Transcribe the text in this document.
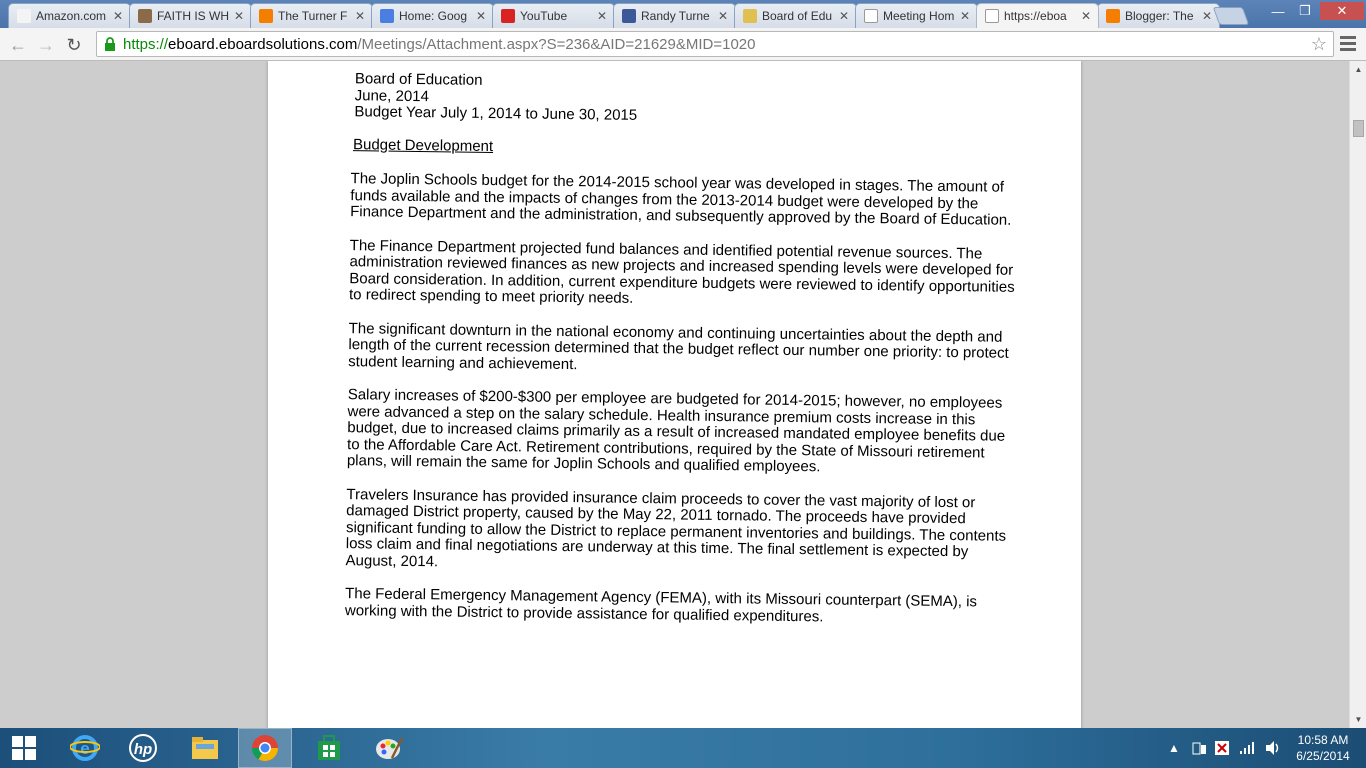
Amazon.com ✕	FAITH IS WH ✕	The Turner F ✕	Home: Goog ✕	YouTube	✕	Randy Turne ✕	Board of Edu ✕	Meeting Hom ✕	https://eboa	✕	Blogger: The ✕	—	❐	✕
← → ↻	https:// eboard.eboardsolutions.com /Meetings/Attachment.aspx?S=236&AID=21629&MID=1020	☆
Board of Education
June, 2014
Budget Year July 1, 2014 to June 30, 2015
Budget Development

The Joplin Schools budget for the 2014-2015 school year was developed in stages. The amount of funds available and the impacts of changes from the 2013-2014 budget were developed by the Finance Department and the administration, and subsequently approved by the Board of Education.

The Finance Department projected fund balances and identified potential revenue sources. The administration reviewed finances as new projects and increased spending levels were developed for Board consideration. In addition, current expenditure budgets were reviewed to identify opportunities to redirect spending to meet priority needs.

The significant downturn in the national economy and continuing uncertainties about the depth and length of the current recession determined that the budget reflect our number one priority: to protect student learning and achievement.

Salary increases of $200-$300 per employee are budgeted for 2014-2015; however, no employees were advanced a step on the salary schedule. Health insurance premium costs increase in this budget, due to increased claims primarily as a result of increased mandated employee benefits due to the Affordable Care Act. Retirement contributions, required by the State of Missouri retirement plans, will remain the same for Joplin Schools and qualified employees.

Travelers Insurance has provided insurance claim proceeds to cover the vast majority of lost or damaged District property, caused by the May 22, 2011 tornado. The proceeds have provided significant funding to allow the District to replace permanent inventories and buildings. The contents loss claim and final negotiations are underway at this time. The final settlement is expected by August, 2014.

The Federal Emergency Management Agency (FEMA), with its Missouri counterpart (SEMA), is working with the District to provide assistance for qualified expenditures.

▲
▼
e	hp	▲
10:58 AM
6/25/2014
